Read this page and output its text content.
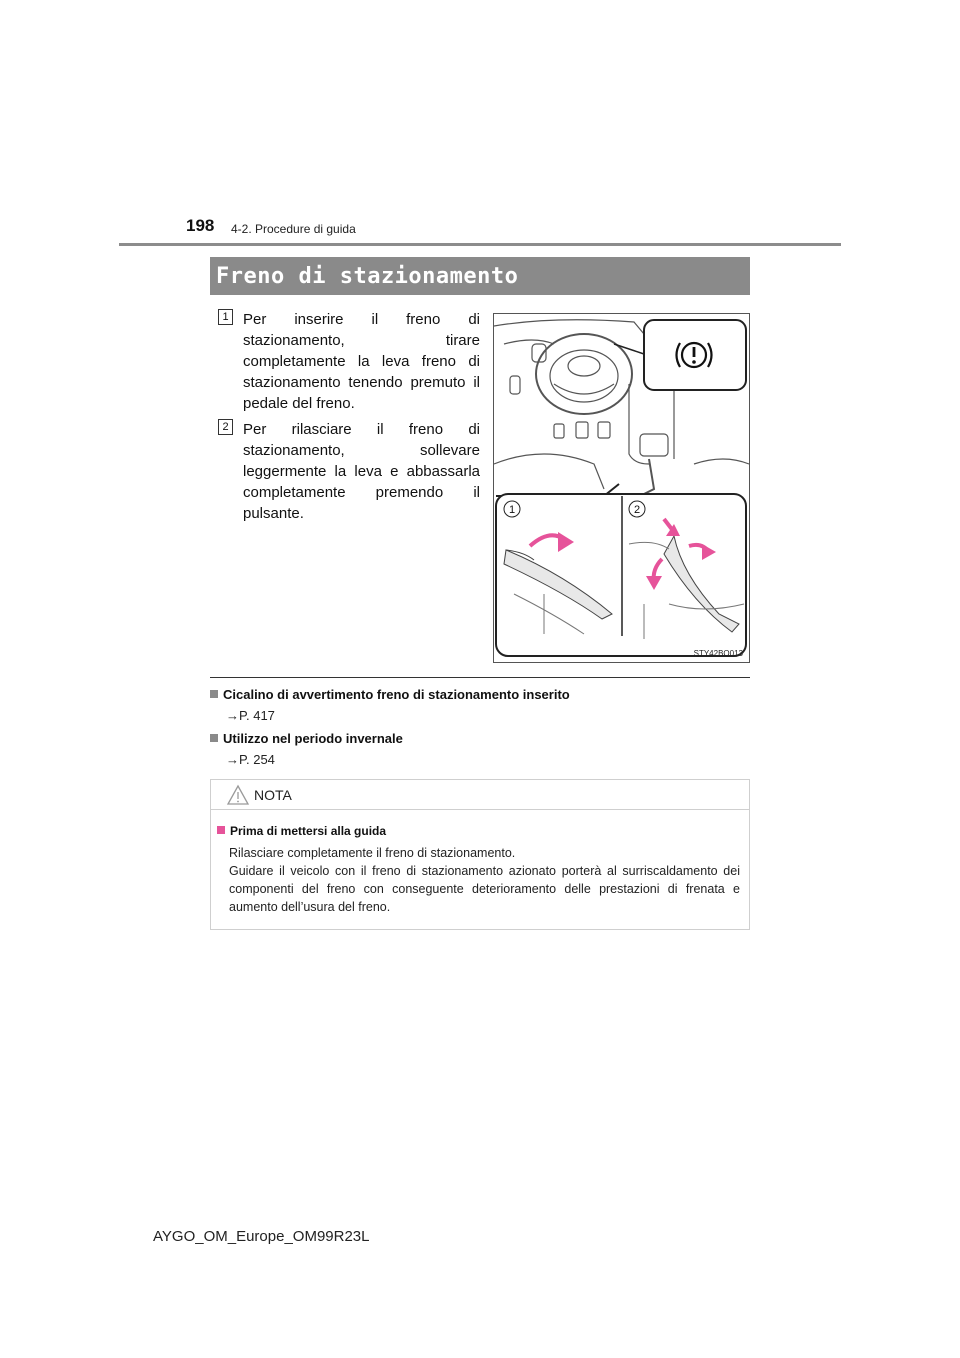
198 4-2. Procedure di guida
Freno di stazionamento
1 Per inserire il freno di stazionamento, tirare completamente la leva freno di stazionamento tenendo premuto il pedale del freno.
2 Per rilasciare il freno di stazionamento, sollevare leggermente la leva e abbassarla completamente premendo il pulsante.	1	2
STY42BO013
Cicalino di avvertimento freno di stazionamento inserito
→P. 417
Utilizzo nel periodo invernale
→P. 254
NOTA
Prima di mettersi alla guida
Rilasciare completamente il freno di stazionamento.
Guidare il veicolo con il freno di stazionamento azionato porterà al surriscaldamento dei componenti del freno con conseguente deterioramento delle prestazioni di frenata e aumento dell’usura del freno.
AYGO_OM_Europe_OM99R23L
